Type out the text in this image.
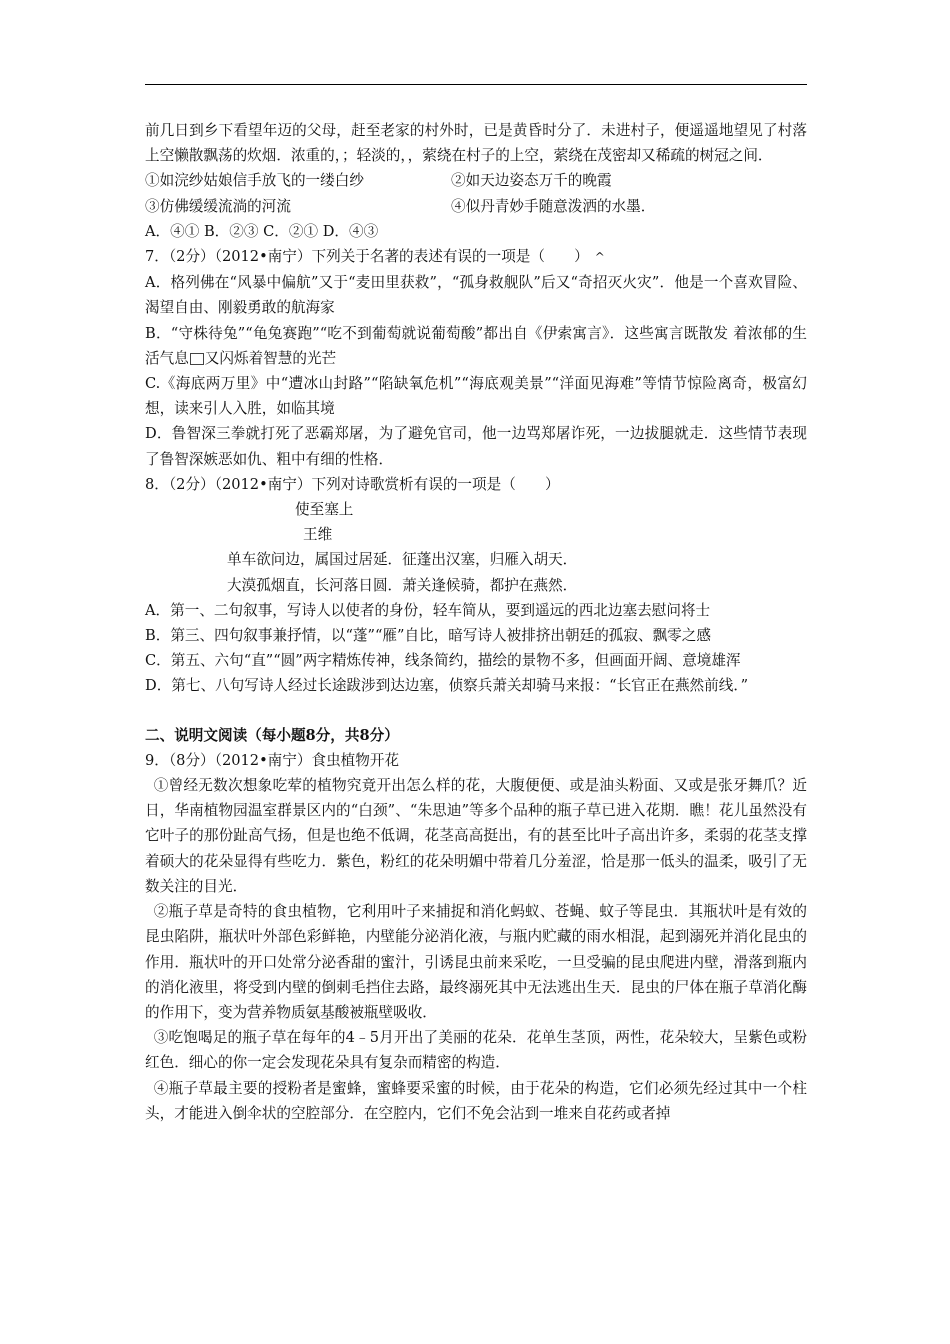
前几日到乡下看望年迈的父母，赶至老家的村外时，已是黄昏时分了．未进村子，便遥遥地望见了村落上空懒散飘荡的炊烟．浓重的，；轻淡的，，萦绕在村子的上空，萦绕在茂密却又稀疏的树冠之间．

①如浣纱姑娘信手放飞的一缕白纱	②如天边姿态万千的晚霞
③仿佛缓缓流淌的河流	④似丹青妙手随意泼洒的水墨．

A．④① B．②③ C．②① D．④③

7．（2分）（2012•南宁）下列关于名著的表述有误的一项是（　　） ^

A．格列佛在“风暴中偏航”又于“麦田里获救”，“孤身救舰队”后又“奇招灭火灾”．他是一个喜欢冒险、渴望自由、刚毅勇敢的航海家

B．“守株待兔”“龟兔赛跑”“吃不到葡萄就说葡萄酸”都出自《伊索寓言》．这些寓言既散发 着浓郁的生活气息 又闪烁着智慧的光芒

C.《海底两万里》中“遭冰山封路”“陷缺氧危机”“海底观美景”“洋面见海难”等情节惊险离奇，极富幻想，读来引人入胜，如临其境

D．鲁智深三拳就打死了恶霸郑屠，为了避免官司，他一边骂郑屠诈死，一边拔腿就走．这些情节表现了鲁智深嫉恶如仇、粗中有细的性格．

8．（2分）（2012•南宁）下列对诗歌赏析有误的一项是（　　）

使至塞上
王维
单车欲问边，属国过居延．征蓬出汉塞，归雁入胡天．
大漠孤烟直，长河落日圆．萧关逢候骑，都护在燕然．

A．第一、二句叙事，写诗人以使者的身份，轻车简从，要到遥远的西北边塞去慰问将士

B．第三、四句叙事兼抒情，以“蓬”“雁”自比，暗写诗人被排挤出朝廷的孤寂、飘零之感

C．第五、六句“直”“圆”两字精炼传神，线条简约，描绘的景物不多，但画面开阔、意境雄浑

D．第七、八句写诗人经过长途跋涉到达边塞，侦察兵萧关却骑马来报：“长官正在燕然前线．”

二、说明文阅读（每小题8分，共8分）

9．（8分）（2012•南宁）食虫植物开花

①曾经无数次想象吃荤的植物究竟开出怎么样的花，大腹便便、或是油头粉面、又或是张牙舞爪？近日，华南植物园温室群景区内的“白颈”、“朱思迪”等多个品种的瓶子草已进入花期．瞧！花儿虽然没有它叶子的那份趾高气扬，但是也绝不低调，花茎高高挺出，有的甚至比叶子高出许多，柔弱的花茎支撑着硕大的花朵显得有些吃力．紫色，粉红的花朵明媚中带着几分羞涩，恰是那一低头的温柔，吸引了无数关注的目光．

②瓶子草是奇特的食虫植物，它利用叶子来捕捉和消化蚂蚁、苍蝇、蚊子等昆虫．其瓶状叶是有效的昆虫陷阱，瓶状叶外部色彩鲜艳，内壁能分泌消化液，与瓶内贮藏的雨水相混，起到溺死并消化昆虫的作用．瓶状叶的开口处常分泌香甜的蜜汁，引诱昆虫前来采吃，一旦受骗的昆虫爬进内壁，滑落到瓶内的消化液里，将受到内壁的倒刺毛挡住去路，最终溺死其中无法逃出生天．昆虫的尸体在瓶子草消化酶的作用下，变为营养物质氨基酸被瓶壁吸收．

③吃饱喝足的瓶子草在每年的4﹣5月开出了美丽的花朵．花单生茎顶，两性，花朵较大，呈紫色或粉红色．细心的你一定会发现花朵具有复杂而精密的构造．

④瓶子草最主要的授粉者是蜜蜂，蜜蜂要采蜜的时候，由于花朵的构造，它们必须先经过其中一个柱头，才能进入倒伞状的空腔部分．在空腔内，它们不免会沾到一堆来自花药或者掉
